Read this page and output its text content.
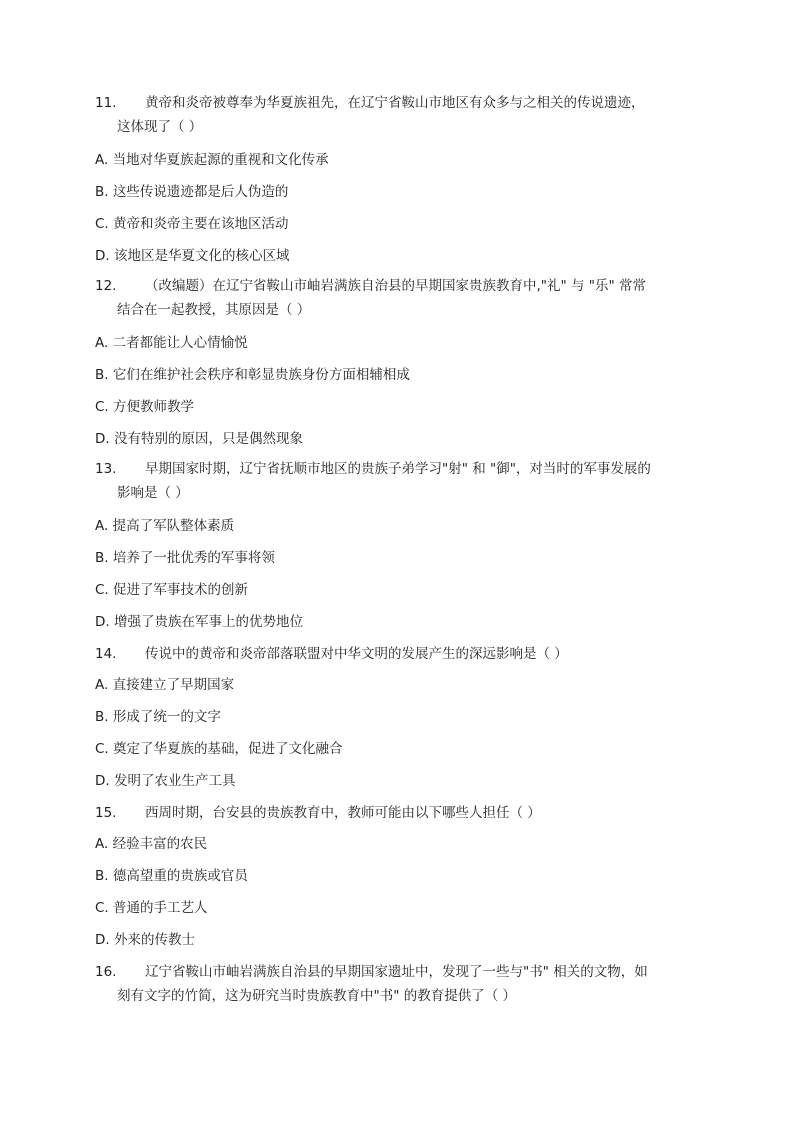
11. 黄帝和炎帝被尊奉为华夏族祖先，在辽宁省鞍山市地区有众多与之相关的传说遗迹，
这体现了（ ）
A. 当地对华夏族起源的重视和文化传承
B. 这些传说遗迹都是后人伪造的
C. 黄帝和炎帝主要在该地区活动
D. 该地区是华夏文化的核心区域
12. （改编题）在辽宁省鞍山市岫岩满族自治县的早期国家贵族教育中,"礼" 与 "乐" 常常
结合在一起教授，其原因是（ ）
A. 二者都能让人心情愉悦
B. 它们在维护社会秩序和彰显贵族身份方面相辅相成
C. 方便教师教学
D. 没有特别的原因，只是偶然现象
13. 早期国家时期，辽宁省抚顺市地区的贵族子弟学习"射" 和 "御"，对当时的军事发展的
影响是（ ）
A. 提高了军队整体素质
B. 培养了一批优秀的军事将领
C. 促进了军事技术的创新
D. 增强了贵族在军事上的优势地位
14. 传说中的黄帝和炎帝部落联盟对中华文明的发展产生的深远影响是（ ）
A. 直接建立了早期国家
B. 形成了统一的文字
C. 奠定了华夏族的基础，促进了文化融合
D. 发明了农业生产工具
15. 西周时期，台安县的贵族教育中，教师可能由以下哪些人担任（ ）
A. 经验丰富的农民
B. 德高望重的贵族或官员
C. 普通的手工艺人
D. 外来的传教士
16. 辽宁省鞍山市岫岩满族自治县的早期国家遗址中，发现了一些与"书" 相关的文物，如
刻有文字的竹简，这为研究当时贵族教育中"书" 的教育提供了（ ）
